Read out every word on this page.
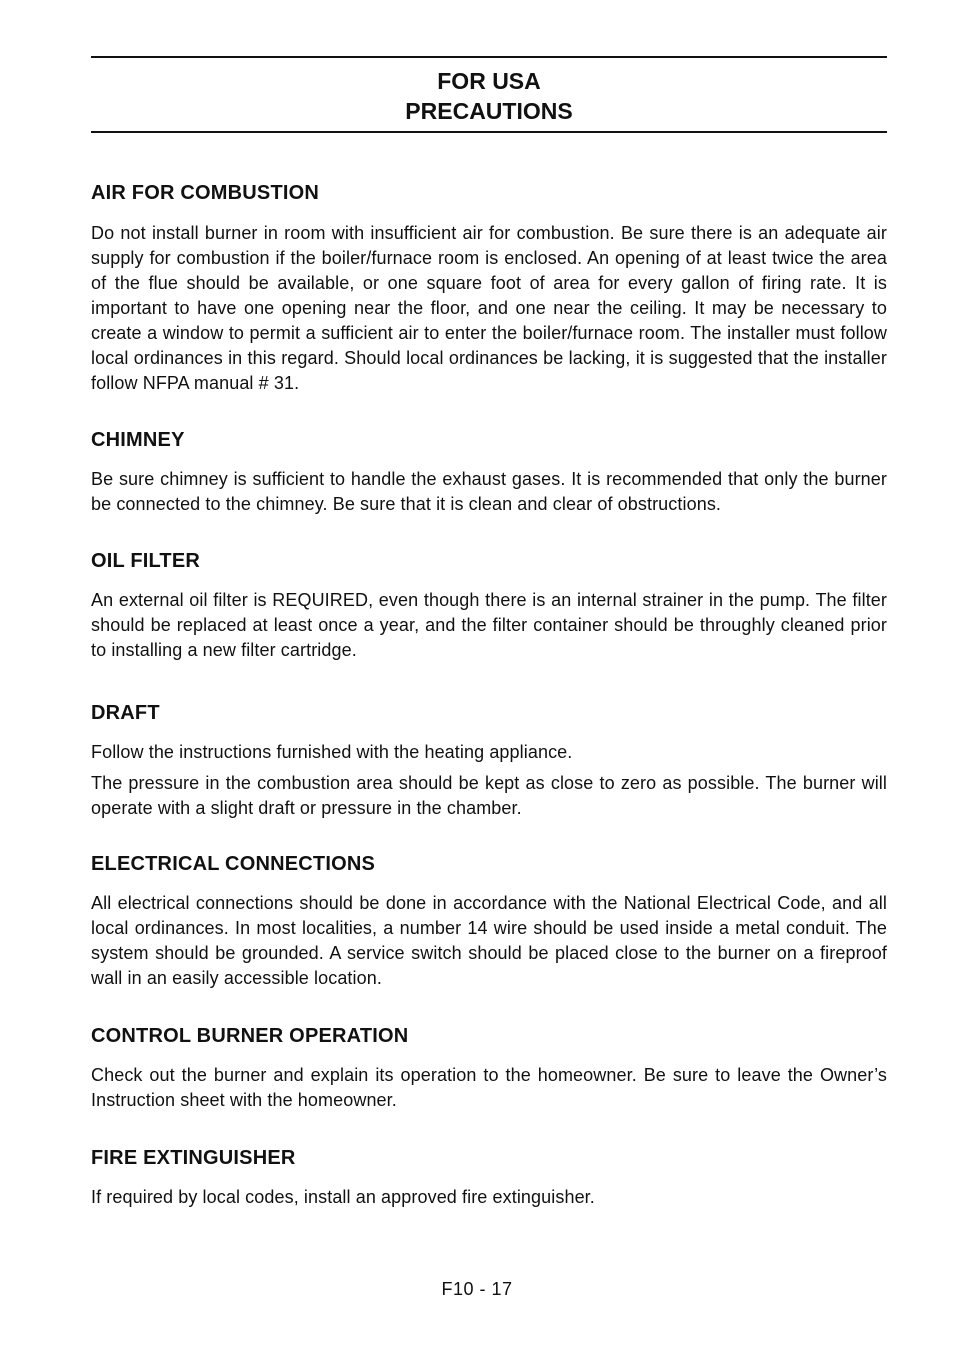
FOR USA
PRECAUTIONS
AIR FOR COMBUSTION

Do not install burner in room with insufficient air for combustion. Be sure there is an adequate air supply for combustion if the boiler/furnace room is enclosed. An opening of at least twice the area of the flue should be available, or one square foot of area for every gallon of firing rate. It is important to have one opening near the floor, and one near the ceiling. It may be necessary to create a window to permit a sufficient air to enter the boiler/furnace room. The installer must follow local ordinances in this regard. Should local ordinances be lacking, it is suggested that the installer follow NFPA manual # 31.

CHIMNEY

Be sure chimney is sufficient to handle the exhaust gases. It is recommended that only the burner be connected to the chimney. Be sure that it is clean and clear of obstructions.

OIL FILTER

An external oil filter is REQUIRED, even though there is an internal strainer in the pump. The filter should be replaced at least once a year, and the filter container should be throughly cleaned prior to installing a new filter cartridge.

DRAFT

Follow the instructions furnished with the heating appliance.

The pressure in the combustion area should be kept as close to zero as possible. The burner will operate with a slight draft or pressure in the chamber.

ELECTRICAL CONNECTIONS

All electrical connections should be done in accordance with the National Electrical Code, and all local ordinances. In most localities, a number 14 wire should be used inside a metal conduit. The system should be grounded. A service switch should be placed close to the burner on a fireproof wall in an easily accessible location.

CONTROL BURNER OPERATION

Check out the burner and explain its operation to the homeowner. Be sure to leave the Owner’s Instruction sheet with the homeowner.

FIRE EXTINGUISHER

If required by local codes, install an approved fire extinguisher.

F10 - 17
